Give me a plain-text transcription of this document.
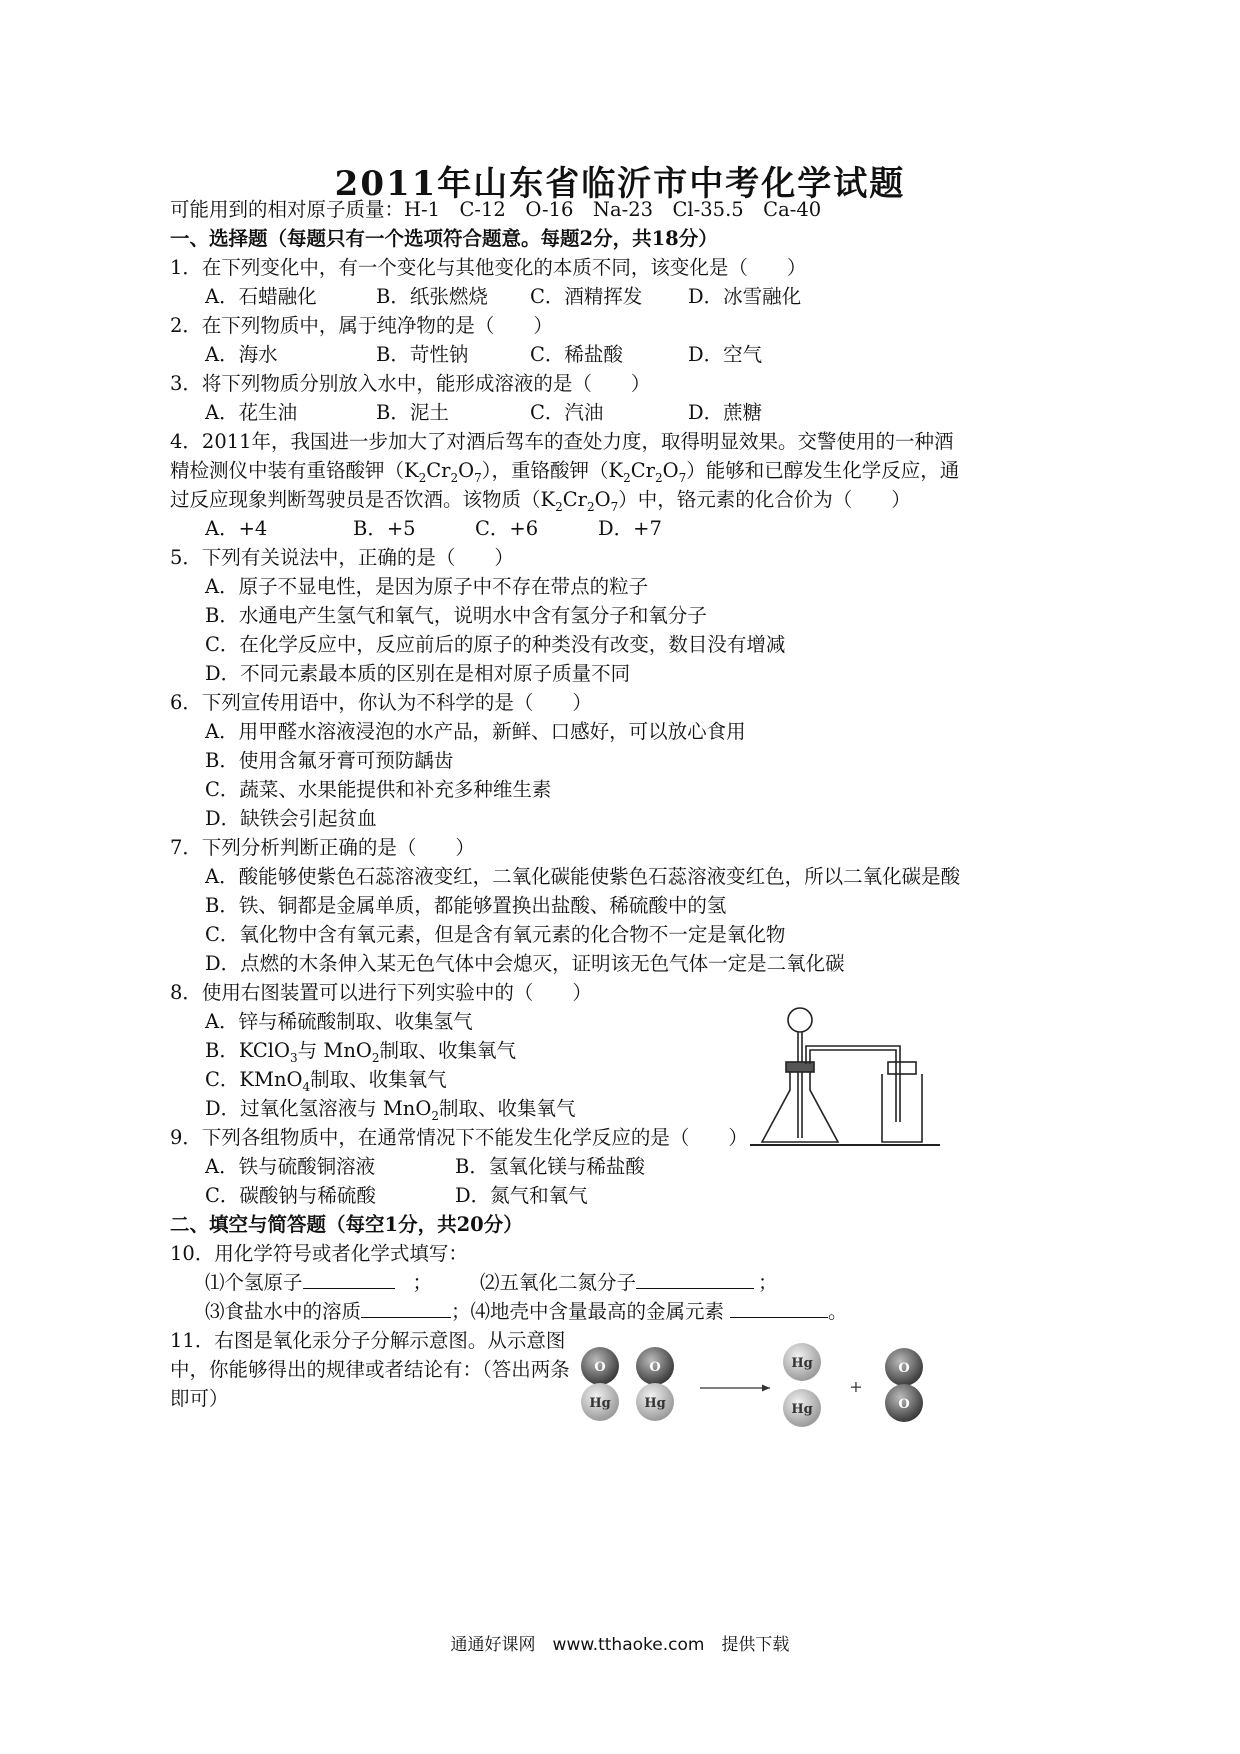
2011年山东省临沂市中考化学试题
可能用到的相对原子质量：H-1　C-12　O-16　Na-23　Cl-35.5　Ca-40
一、选择题（每题只有一个选项符合题意。每题2分，共18分）
1．在下列变化中，有一个变化与其他变化的本质不同，该变化是（　　）
A．石蜡融化	B．纸张燃烧 C．酒精挥发 D．冰雪融化
2．在下列物质中，属于纯净物的是（　　）
A．海水	B．苛性钠	C．稀盐酸	D．空气
3．将下列物质分别放入水中，能形成溶液的是（　　）
A．花生油	B．泥土	C．汽油	D．蔗糖
4．2011年，我国进一步加大了对酒后驾车的查处力度，取得明显效果。交警使用的一种酒
精检测仪中装有重铬酸钾$(K_2Cr_2O_7)$，重铬酸钾$(K_2Cr_2O_7)$能够和已醇发生化学反应，通
过反应现象判断驾驶员是否饮酒。该物质$(K_2Cr_2O_7)$中，铬元素的化合价为（　　）
A．+4	B．+5	C．+6	D．+7
5．下列有关说法中，正确的是（　　）
A．原子不显电性，是因为原子中不存在带点的粒子
B．水通电产生氢气和氧气，说明水中含有氢分子和氧分子
C．在化学反应中，反应前后的原子的种类没有改变，数目没有增减
D．不同元素最本质的区别在是相对原子质量不同
6．下列宣传用语中，你认为不科学的是（　　）
A．用甲醛水溶液浸泡的水产品，新鲜、口感好，可以放心食用
B．使用含氟牙膏可预防龋齿
C．蔬菜、水果能提供和补充多种维生素
D．缺铁会引起贫血
7．下列分析判断正确的是（　　）
A．酸能够使紫色石蕊溶液变红，二氧化碳能使紫色石蕊溶液变红色，所以二氧化碳是酸
B．铁、铜都是金属单质，都能够置换出盐酸、稀硫酸中的氢
C．氧化物中含有氧元素，但是含有氧元素的化合物不一定是氧化物
D．点燃的木条伸入某无色气体中会熄灭，证明该无色气体一定是二氧化碳
8．使用右图装置可以进行下列实验中的（　　）
A．锌与稀硫酸制取、收集氢气
B．KClO$_3$与 MnO$_2$制取、收集氧气
C．KMnO$_4$制取、收集氧气
D．过氧化氢溶液与 MnO$_2$制取、收集氧气
9．下列各组物质中，在通常情况下不能发生化学反应的是（　　）
A．铁与硫酸铜溶液	B．氢氧化镁与稀盐酸
C．碳酸钠与稀硫酸	D．氮气和氧气
二、填空与简答题（每空1分，共20分）
10．用化学符号或者化学式填写：
⑴个氢原子	； ⑵五氧化二氮分子	；
⑶食盐水中的溶质	；⑷地壳中含量最高的金属元素	。
11．右图是氧化汞分子分解示意图。从示意图
中，你能够得出的规律或者结论有：（答出两条
即可）
O
Hg
O
Hg
Hg
Hg
+
O
O
通通好课网　www.tthaoke.com　提供下载
